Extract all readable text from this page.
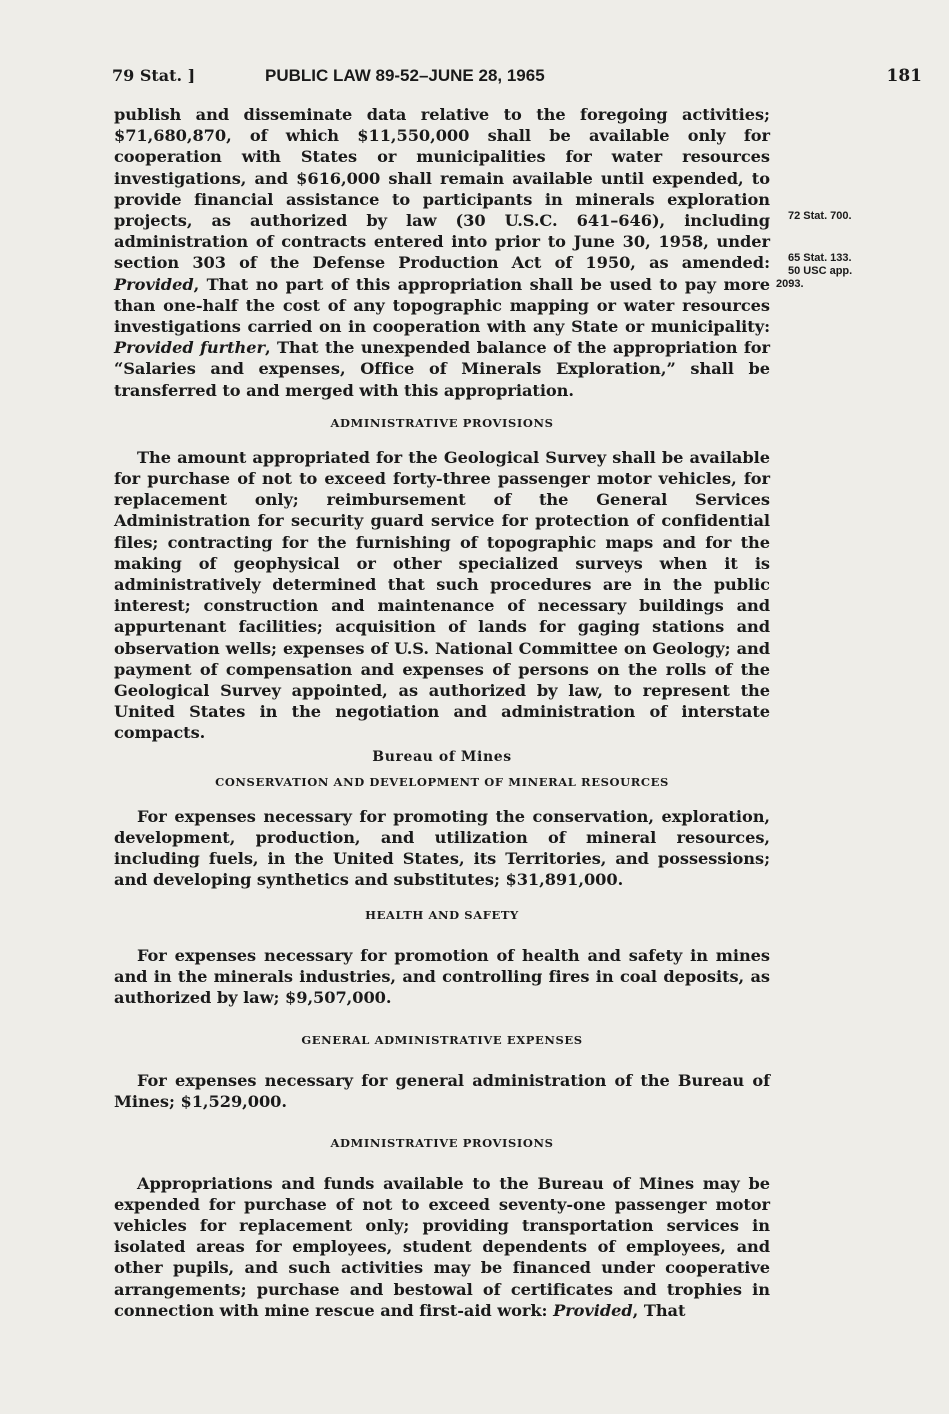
79 Stat. ]	PUBLIC LAW 89-52–JUNE 28, 1965	181
72 Stat. 700.
65 Stat. 133.
50 USC app.
2093.

publish and disseminate data relative to the foregoing activities; $71,680,870, of which $11,550,000 shall be available only for cooperation with States or municipalities for water resources investigations, and $616,000 shall remain available until expended, to provide financial assistance to participants in minerals exploration projects, as authorized by law (30 U.S.C. 641–646), including administration of contracts entered into prior to June 30, 1958, under section 303 of the Defense Production Act of 1950, as amended: Provided, That no part of this appropriation shall be used to pay more than one-half the cost of any topographic mapping or water resources investigations carried on in cooperation with any State or municipality: Provided further, That the unexpended balance of the appropriation for “Salaries and expenses, Office of Minerals Exploration,” shall be transferred to and merged with this appropriation.

ADMINISTRATIVE PROVISIONS

The amount appropriated for the Geological Survey shall be available for purchase of not to exceed forty-three passenger motor vehicles, for replacement only; reimbursement of the General Services Administration for security guard service for protection of confidential files; contracting for the furnishing of topographic maps and for the making of geophysical or other specialized surveys when it is administratively determined that such procedures are in the public interest; construction and maintenance of necessary buildings and appurtenant facilities; acquisition of lands for gaging stations and observation wells; expenses of U.S. National Committee on Geology; and payment of compensation and expenses of persons on the rolls of the Geological Survey appointed, as authorized by law, to represent the United States in the negotiation and administration of interstate compacts.

Bureau of Mines

CONSERVATION AND DEVELOPMENT OF MINERAL RESOURCES

For expenses necessary for promoting the conservation, exploration, development, production, and utilization of mineral resources, including fuels, in the United States, its Territories, and possessions; and developing synthetics and substitutes; $31,891,000.

HEALTH AND SAFETY

For expenses necessary for promotion of health and safety in mines and in the minerals industries, and controlling fires in coal deposits, as authorized by law; $9,507,000.

GENERAL ADMINISTRATIVE EXPENSES

For expenses necessary for general administration of the Bureau of Mines; $1,529,000.

ADMINISTRATIVE PROVISIONS

Appropriations and funds available to the Bureau of Mines may be expended for purchase of not to exceed seventy-one passenger motor vehicles for replacement only; providing transportation services in isolated areas for employees, student dependents of employees, and other pupils, and such activities may be financed under cooperative arrangements; purchase and bestowal of certificates and trophies in connection with mine rescue and first-aid work: Provided, That
